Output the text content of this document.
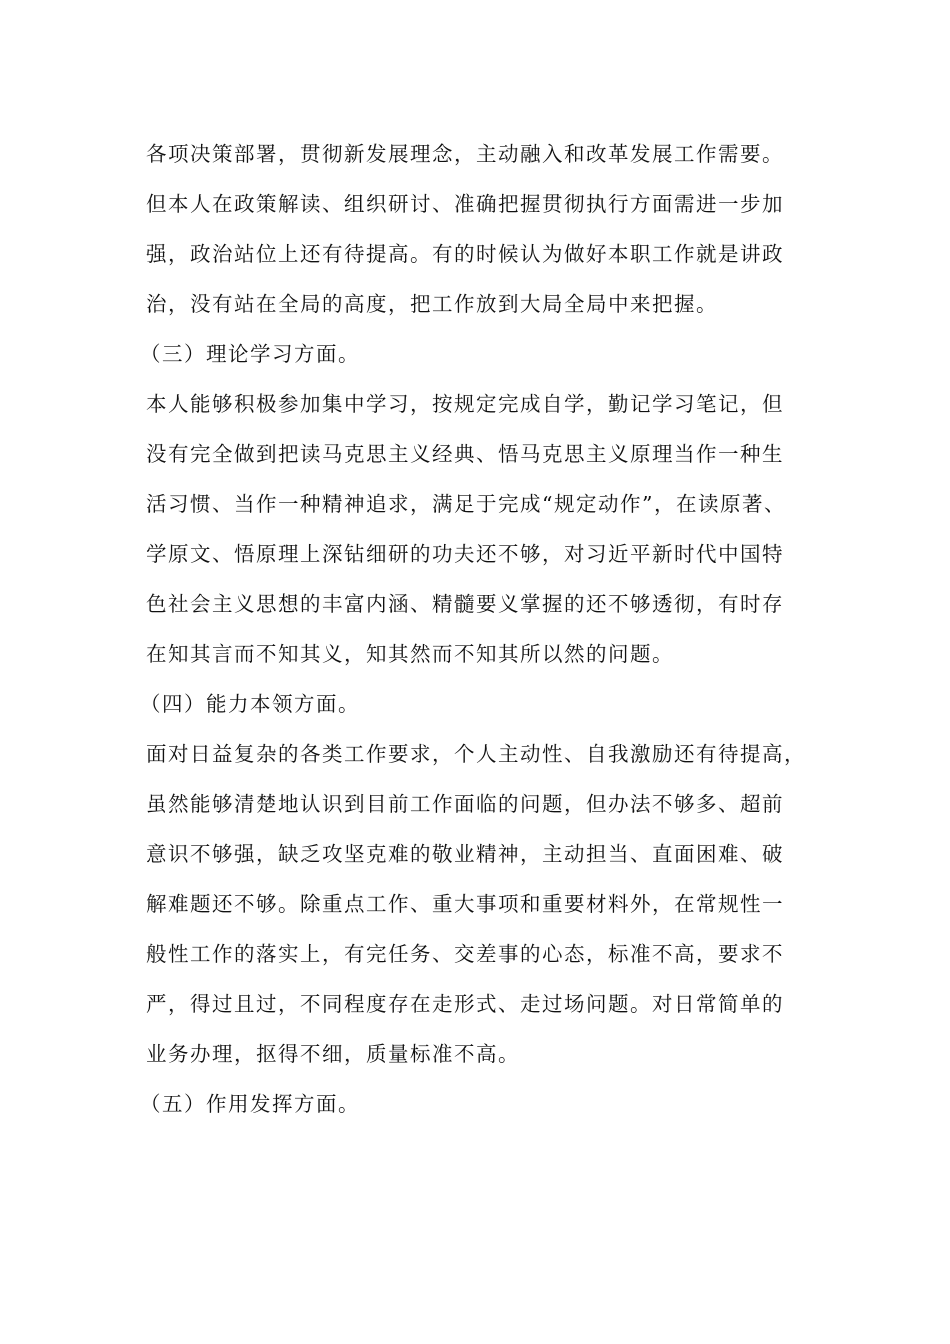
各项决策部署，贯彻新发展理念，主动融入和改革发展工作需要。
但本人在政策解读、组织研讨、准确把握贯彻执行方面需进一步加
强，政治站位上还有待提高。有的时候认为做好本职工作就是讲政
治，没有站在全局的高度，把工作放到大局全局中来把握。
（三）理论学习方面。
本人能够积极参加集中学习，按规定完成自学，勤记学习笔记，但
没有完全做到把读马克思主义经典、悟马克思主义原理当作一种生
活习惯、当作一种精神追求，满足于完成“规定动作”，在读原著、
学原文、悟原理上深钻细研的功夫还不够，对习近平新时代中国特
色社会主义思想的丰富内涵、精髓要义掌握的还不够透彻，有时存
在知其言而不知其义，知其然而不知其所以然的问题。
（四）能力本领方面。
面对日益复杂的各类工作要求，个人主动性、自我激励还有待提高，
虽然能够清楚地认识到目前工作面临的问题，但办法不够多、超前
意识不够强，缺乏攻坚克难的敬业精神，主动担当、直面困难、破
解难题还不够。除重点工作、重大事项和重要材料外，在常规性一
般性工作的落实上，有完任务、交差事的心态，标准不高，要求不
严，得过且过，不同程度存在走形式、走过场问题。对日常简单的
业务办理，抠得不细，质量标准不高。
（五）作用发挥方面。
